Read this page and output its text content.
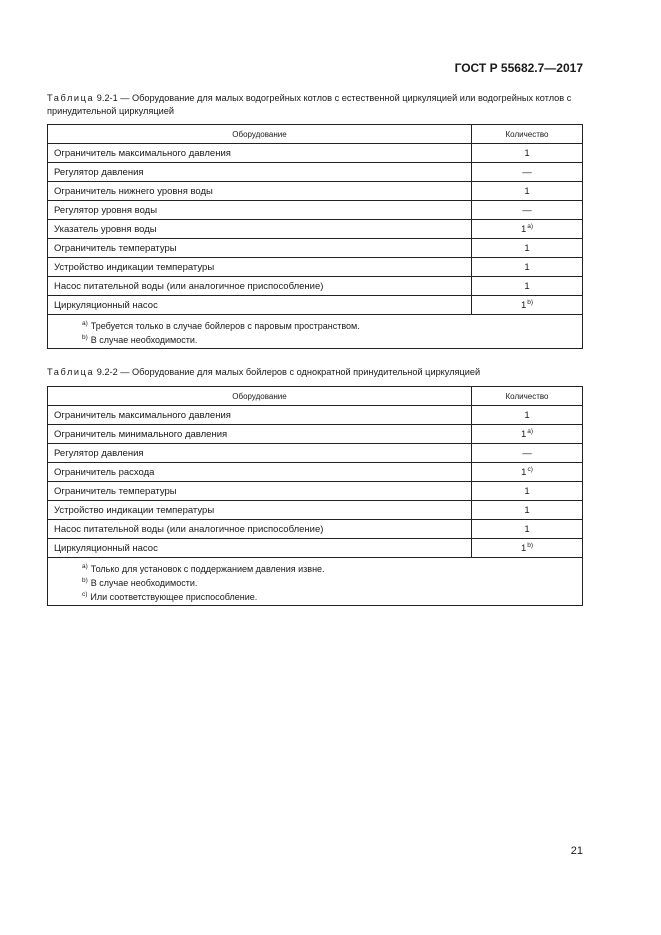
ГОСТ Р 55682.7—2017
Таблица 9.2-1 — Оборудование для малых водогрейных котлов с естественной циркуляцией или водогрейных котлов с принудительной циркуляцией
Оборудование	Количество
Ограничитель максимального давления	1
Регулятор давления	—
Ограничитель нижнего уровня воды	1
Регулятор уровня воды	—
Указатель уровня воды	1$^{a)}$
Ограничитель температуры	1
Устройство индикации температуры	1
Насос питательной воды (или аналогичное приспособление)	1
Циркуляционный насос	1$^{b)}$

$^{a)}$ Требуется только в случае бойлеров с паровым пространством.
$^{b)}$ В случае необходимости.	
Таблица 9.2-2 — Оборудование для малых бойлеров с однократной принудительной циркуляцией
Оборудование	Количество
Ограничитель максимального давления	1
Ограничитель минимального давления	1$^{a)}$
Регулятор давления	—
Ограничитель расхода	1$^{c)}$
Ограничитель температуры	1
Устройство индикации температуры	1
Насос питательной воды (или аналогичное приспособление)	1
Циркуляционный насос	1$^{b)}$

$^{a)}$ Только для установок с поддержанием давления извне.
$^{b)}$ В случае необходимости.
$^{c)}$ Или соответствующее приспособление.	
21
